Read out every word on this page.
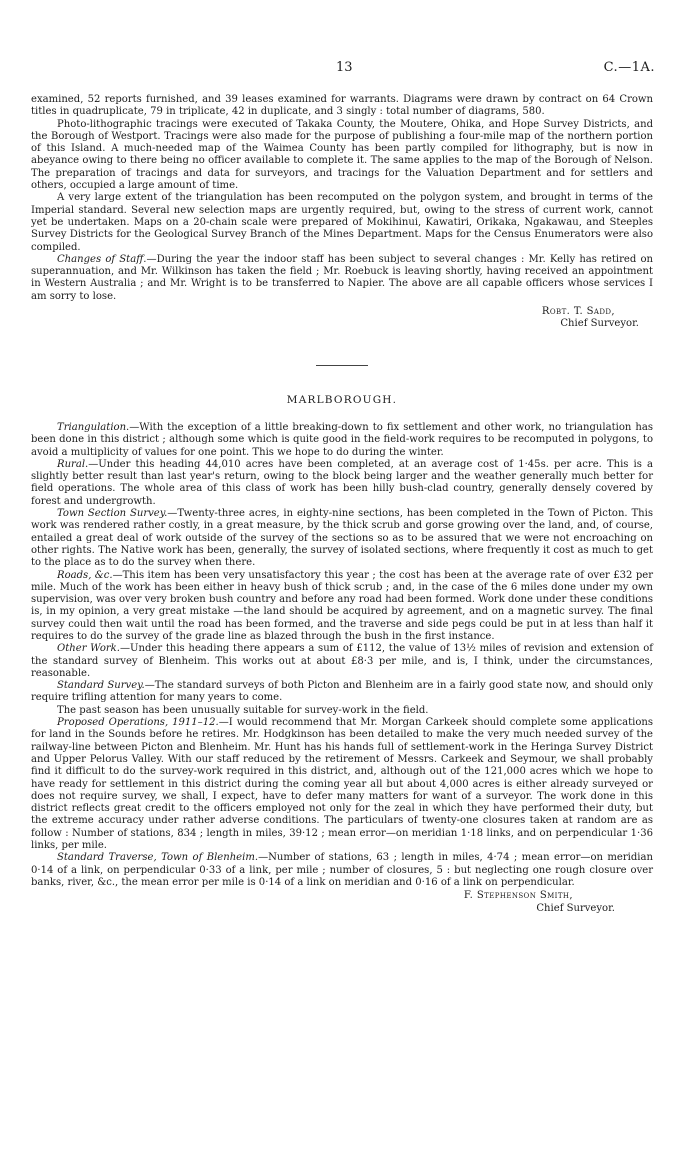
13	C.—1A.

examined, 52 reports furnished, and 39 leases examined for warrants. Diagrams were drawn by contract on 64 Crown titles in quadruplicate, 79 in triplicate, 42 in duplicate, and 3 singly : total number of diagrams, 580.

Photo-lithographic tracings were executed of Takaka County, the Moutere, Ohika, and Hope Survey Districts, and the Borough of Westport. Tracings were also made for the purpose of publishing a four-mile map of the northern portion of this Island. A much-needed map of the Waimea County has been partly compiled for lithography, but is now in abeyance owing to there being no officer available to complete it. The same applies to the map of the Borough of Nelson. The preparation of tracings and data for surveyors, and tracings for the Valuation Department and for settlers and others, occupied a large amount of time.

A very large extent of the triangulation has been recomputed on the polygon system, and brought in terms of the Imperial standard. Several new selection maps are urgently required, but, owing to the stress of current work, cannot yet be undertaken. Maps on a 20-chain scale were prepared of Mokihinui, Kawatiri, Orikaka, Ngakawau, and Steeples Survey Districts for the Geological Survey Branch of the Mines Department. Maps for the Census Enumerators were also compiled.

Changes of Staff.—During the year the indoor staff has been subject to several changes : Mr. Kelly has retired on superannuation, and Mr. Wilkinson has taken the field ; Mr. Roebuck is leaving shortly, having received an appointment in Western Australia ; and Mr. Wright is to be transferred to Napier. The above are all capable officers whose services I am sorry to lose.

Robt. T. Sadd,

Chief Surveyor.

MARLBOROUGH.

Triangulation.—With the exception of a little breaking-down to fix settlement and other work, no triangulation has been done in this district ; although some which is quite good in the field-work requires to be recomputed in polygons, to avoid a multiplicity of values for one point. This we hope to do during the winter.

Rural.—Under this heading 44,010 acres have been completed, at an average cost of 1·45s. per acre. This is a slightly better result than last year's return, owing to the block being larger and the weather generally much better for field operations. The whole area of this class of work has been hilly bush-clad country, generally densely covered by forest and undergrowth.

Town Section Survey.—Twenty-three acres, in eighty-nine sections, has been completed in the Town of Picton. This work was rendered rather costly, in a great measure, by the thick scrub and gorse growing over the land, and, of course, entailed a great deal of work outside of the survey of the sections so as to be assured that we were not encroaching on other rights. The Native work has been, generally, the survey of isolated sections, where frequently it cost as much to get to the place as to do the survey when there.

Roads, &c.—This item has been very unsatisfactory this year ; the cost has been at the average rate of over £32 per mile. Much of the work has been either in heavy bush of thick scrub ; and, in the case of the 6 miles done under my own supervision, was over very broken bush country and before any road had been formed. Work done under these conditions is, in my opinion, a very great mistake —the land should be acquired by agreement, and on a magnetic survey. The final survey could then wait until the road has been formed, and the traverse and side pegs could be put in at less than half it requires to do the survey of the grade line as blazed through the bush in the first instance.

Other Work.—Under this heading there appears a sum of £112, the value of 13½ miles of revision and extension of the standard survey of Blenheim. This works out at about £8·3 per mile, and is, I think, under the circumstances, reasonable.

Standard Survey.—The standard surveys of both Picton and Blenheim are in a fairly good state now, and should only require trifling attention for many years to come.

The past season has been unusually suitable for survey-work in the field.

Proposed Operations, 1911–12.—I would recommend that Mr. Morgan Carkeek should complete some applications for land in the Sounds before he retires. Mr. Hodgkinson has been detailed to make the very much needed survey of the railway-line between Picton and Blenheim. Mr. Hunt has his hands full of settlement-work in the Heringa Survey District and Upper Pelorus Valley. With our staff reduced by the retirement of Messrs. Carkeek and Seymour, we shall probably find it difficult to do the survey-work required in this district, and, although out of the 121,000 acres which we hope to have ready for settlement in this district during the coming year all but about 4,000 acres is either already surveyed or does not require survey, we shall, I expect, have to defer many matters for want of a surveyor. The work done in this district reflects great credit to the officers employed not only for the zeal in which they have performed their duty, but the extreme accuracy under rather adverse conditions. The particulars of twenty-one closures taken at random are as follow : Number of stations, 834 ; length in miles, 39·12 ; mean error—on meridian 1·18 links, and on perpendicular 1·36 links, per mile.

Standard Traverse, Town of Blenheim.—Number of stations, 63 ; length in miles, 4·74 ; mean error—on meridian 0·14 of a link, on perpendicular 0·33 of a link, per mile ; number of closures, 5 : but neglecting one rough closure over banks, river, &c., the mean error per mile is 0·14 of a link on meridian and 0·16 of a link on perpendicular.

F. Stephenson Smith,

Chief Surveyor.
